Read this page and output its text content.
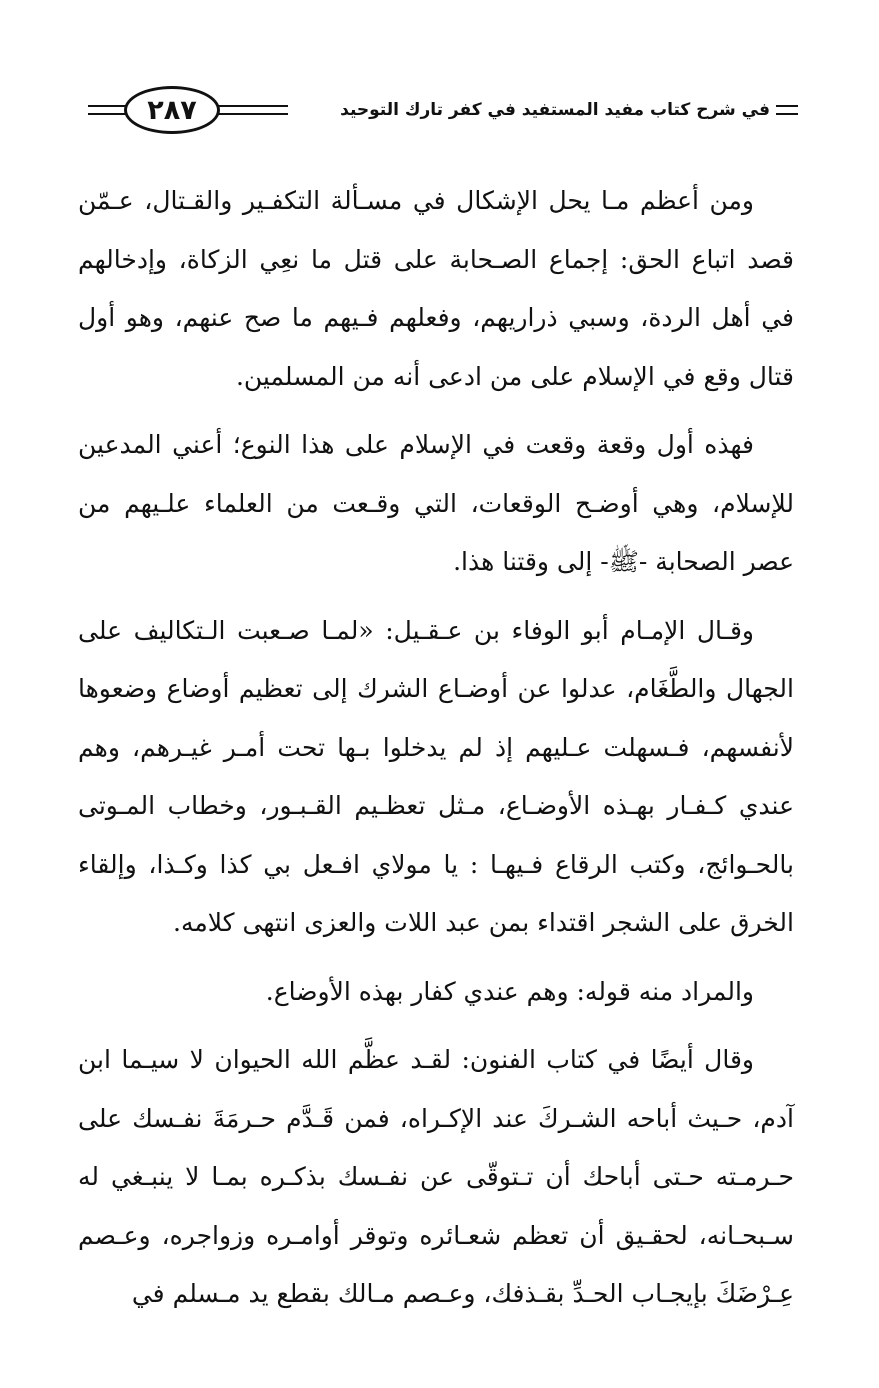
٢٨٧	في شرح كتاب مفيد المستفيد في كفر تارك التوحيد

ومن أعظم مـا يحل الإشكال في مسـألة التكفـير والقـتال، عـمّن قصد اتباع الحق: إجماع الصـحابة على قتل ما نعِي الزكاة، وإدخالهم في أهل الردة، وسبي ذراريهم، وفعلهم فـيهم ما صح عنهم، وهو أول قتال وقع في الإسلام على من ادعى أنه من المسلمين.

فهذه أول وقعة وقعت في الإسلام على هذا النوع؛ أعني المدعين للإسلام، وهي أوضـح الوقعات، التي وقـعت من العلماء علـيهم من عصر الصحابة -ﷺ- إلى وقتنا هذا.

وقـال الإمـام أبو الوفاء بن عـقـيل: «لمـا صـعبت الـتكاليف على الجهال والطَّغَام، عدلوا عن أوضـاع الشرك إلى تعظيم أوضاع وضعوها لأنفسهم، فـسهلت عـليهم إذ لم يدخلوا بـها تحت أمـر غيـرهم، وهم عندي كـفـار بهـذه الأوضـاع، مـثل تعظـيم القـبـور، وخطاب المـوتى بالحـوائج، وكتب الرقاع فـيهـا : يا مولاي افـعل بي كذا وكـذا، وإلقاء الخرق على الشجر اقتداء بمن عبد اللات والعزى انتهى كلامه.

والمراد منه قوله: وهم عندي كفار بهذه الأوضاع.

وقال أيضًا في كتاب الفنون: لقـد عظَّم الله الحيوان لا سيـما ابن آدم، حـيث أباحه الشـركَ عند الإكـراه، فمن قَـدَّم حـرمَةَ نفـسك على حـرمـته حـتى أباحك أن تـتوقّى عن نفـسك بذكـره بمـا لا ينبـغي له سـبحـانه، لحقـيق أن تعظم شعـائره وتوقر أوامـره وزواجره، وعـصم عِـرْضَكَ بإيجـاب الحـدِّ بقـذفك، وعـصم مـالك بقطع يد مـسلم في
